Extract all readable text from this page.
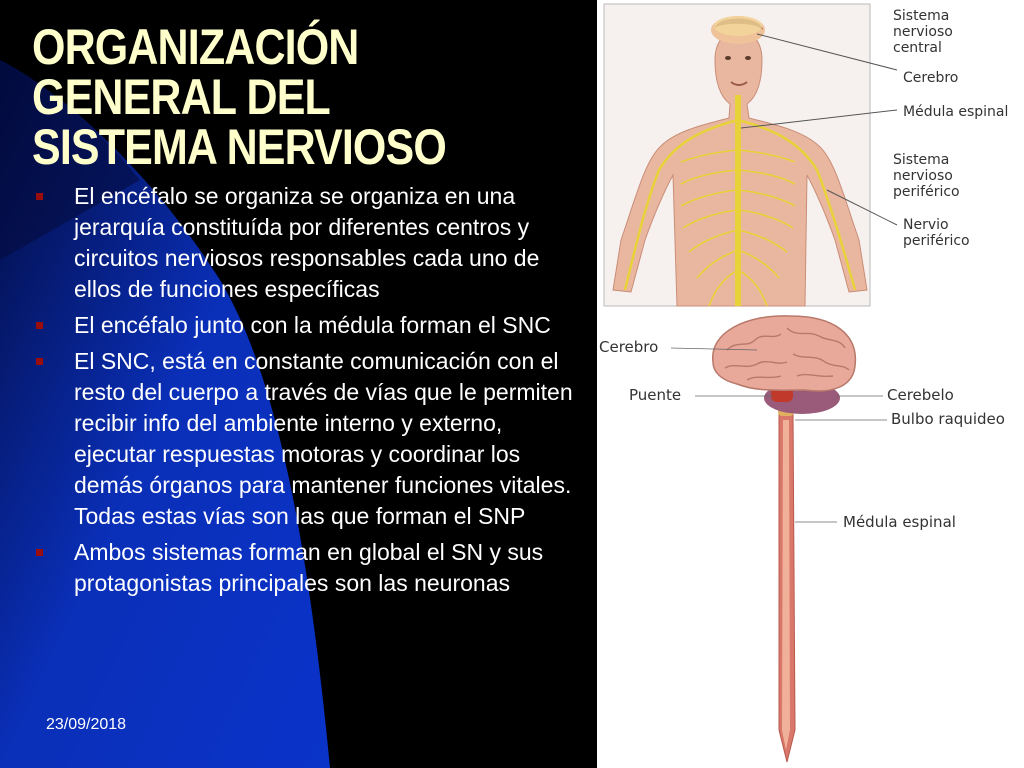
ORGANIZACIÓN
GENERAL DEL
SISTEMA NERVIOSO
El encéfalo se organiza se organiza en una jerarquía constituída por diferentes centros y circuitos nerviosos responsables cada uno de ellos de funciones específicas
El encéfalo junto con la médula forman el SNC
El SNC, está en constante comunicación con el resto del cuerpo a través de vías que le permiten recibir info del ambiente interno y externo, ejecutar respuestas motoras y coordinar los demás órganos para mantener funciones vitales. Todas estas vías son las que forman el SNP
Ambos sistemas forman en global el SN y sus protagonistas principales son las neuronas
23/09/2018
Sistema
nervioso
central
Cerebro
Médula espinal
Sistema
nervioso
periférico
Nervio
periférico
Cerebro
Puente	Cerebelo
Bulbo raquideo
Médula espinal
